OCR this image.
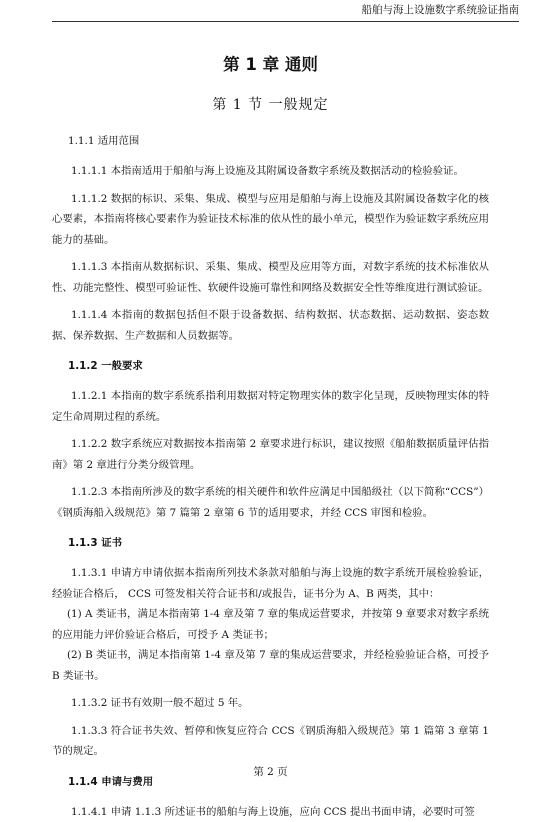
船舶与海上设施数字系统验证指南
第 1 章 通则
第 1 节 一般规定

1.1.1 适用范围

1.1.1.1 本指南适用于船舶与海上设施及其附属设备数字系统及数据活动的检验验证。

1.1.1.2 数据的标识、采集、集成、模型与应用是船舶与海上设施及其附属设备数字化的核心要素，本指南将核心要素作为验证技术标准的依从性的最小单元，模型作为验证数字系统应用能力的基础。

1.1.1.3 本指南从数据标识、采集、集成、模型及应用等方面，对数字系统的技术标准依从性、功能完整性、模型可验证性、软硬件设施可靠性和网络及数据安全性等维度进行测试验证。

1.1.1.4 本指南的数据包括但不限于设备数据、结构数据、状态数据、运动数据、姿态数据、保养数据、生产数据和人员数据等。

1.1.2 一般要求

1.1.2.1 本指南的数字系统系指利用数据对特定物理实体的数字化呈现，反映物理实体的特定生命周期过程的系统。

1.1.2.2 数字系统应对数据按本指南第 2 章要求进行标识，建议按照《船舶数据质量评估指南》第 2 章进行分类分级管理。

1.1.2.3 本指南所涉及的数字系统的相关硬件和软件应满足中国船级社（以下简称“CCS”）《钢质海船入级规范》第 7 篇第 2 章第 6 节的适用要求，并经 CCS 审图和检验。

1.1.3 证书

1.1.3.1 申请方申请依据本指南所列技术条款对船舶与海上设施的数字系统开展检验验证，经验证合格后， CCS 可签发相关符合证书和/或报告，证书分为 A、B 两类，其中：

(1) A 类证书，满足本指南第 1-4 章及第 7 章的集成运营要求，并按第 9 章要求对数字系统的应用能力评价验证合格后，可授予 A 类证书；

(2) B 类证书，满足本指南第 1-4 章及第 7 章的集成运营要求，并经检验验证合格，可授予 B 类证书。

1.1.3.2 证书有效期一般不超过 5 年。

1.1.3.3 符合证书失效、暂停和恢复应符合 CCS《钢质海船入级规范》第 1 篇第 3 章第 1 节的规定。

1.1.4 申请与费用

1.1.4.1 申请 1.1.3 所述证书的船舶与海上设施，应向 CCS 提出书面申请，必要时可签

第 2 页
